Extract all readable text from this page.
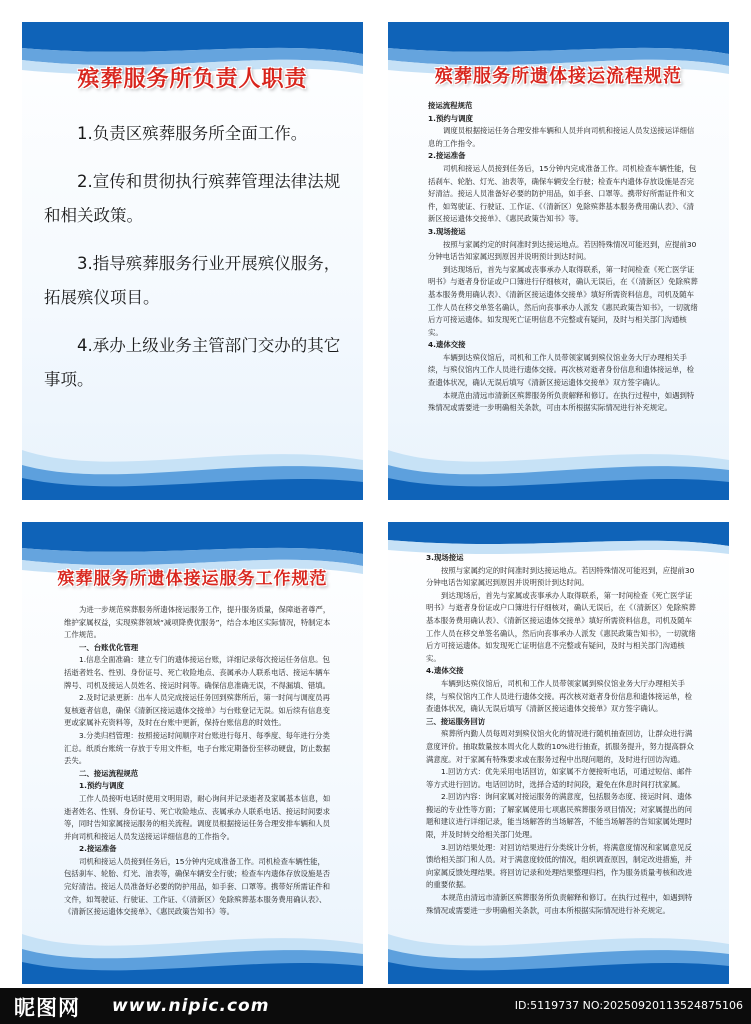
殡葬服务所负责人职责

1.负责区殡葬服务所全面工作。

2.宣传和贯彻执行殡葬管理法律法规和相关政策。

3.指导殡葬服务行业开展殡仪服务，拓展殡仪项目。

4.承办上级业务主管部门交办的其它事项。

殡葬服务所遗体接运流程规范

接运流程规范

1.预约与调度

调度员根据接运任务合理安排车辆和人员并向司机和接运人员发送接运详细信息的工作指令。

2.接运准备

司机和接运人员接到任务后，15分钟内完成准备工作。司机检查车辆性能，包括刹车、轮胎、灯光、油表等，确保车辆安全行驶；检查车内遗体存放设施是否完好清洁。接运人员准备好必要的防护用品，如手套、口罩等。携带好所需证件和文件，如驾驶证、行驶证、工作证、《（清新区）免除殡葬基本服务费用确认表》、《清新区接运遗体交接单》、《惠民政策告知书》等。

3.现场接运

按照与家属约定的时间准时到达接运地点。若因特殊情况可能迟到，应提前30分钟电话告知家属迟到原因并说明预计到达时间。

到达现场后，首先与家属或丧事承办人取得联系，第一时间检查《死亡医学证明书》与逝者身份证或户口簿进行仔细核对，确认无误后，在《（清新区）免除殡葬基本服务费用确认表》、《清新区接运遗体交接单》填好所需资料信息，司机及随车工作人员在移交单签名确认，然后向丧事承办人派发《惠民政策告知书》，一切就绪后方可接运遗体。如发现死亡证明信息不完整或有疑问，及时与相关部门沟通核实。

4.遗体交接

车辆到达殡仪馆后，司机和工作人员带领家属到殡仪馆业务大厅办理相关手续，与殡仪馆内工作人员进行遗体交接。再次核对逝者身份信息和遗体接运单，检查遗体状况，确认无误后填写《清新区接运遗体交接单》双方签字确认。

本规范由清远市清新区殡葬服务所负责解释和修订。在执行过程中，如遇到特殊情况或需要进一步明确相关条款，可由本所根据实际情况进行补充规定。

殡葬服务所遗体接运服务工作规范

为进一步规范殡葬服务所遗体接运服务工作，提升服务质量，保障逝者尊严，维护家属权益，实现殡葬领域“减项降费优服务”，结合本地区实际情况，特制定本工作规范。

一、台账优化管理

1.信息全面准确：建立专门的遗体接运台账，详细记录每次接运任务信息。包括逝者姓名、性别、身份证号、死亡收险地点、丧属承办人联系电话、接运车辆车牌号、司机及接运人员姓名、接运时间等。确保信息准确无误，不得漏填、错填。

2.及时记录更新：出车人员完成接运任务回到殡葬所后，第一时间与调度员再复核逝者信息，确保《清新区接运遗体交接单》与台账登记无误。如后续有信息变更或家属补充资料等，及时在台账中更新，保持台账信息的时效性。

3.分类归档管理：按照接运时间顺序对台账进行每月、每季度、每年进行分类汇总。纸质台账统一存放于专用文件柜，电子台账定期备份至移动硬盘，防止数据丢失。

二、接运流程规范

1.预约与调度

工作人员接听电话时使用文明用语，耐心询问并记录逝者及家属基本信息，如逝者姓名、性别、身份证号、死亡收险地点、丧属承办人联系电话、接运时间要求等，同时告知家属接运服务的相关流程。调度员根据接运任务合理安排车辆和人员并向司机和接运人员发送接运详细信息的工作指令。

2.接运准备

司机和接运人员接到任务后，15分钟内完成准备工作。司机检查车辆性能，包括刹车、轮胎、灯光、油表等，确保车辆安全行驶；检查车内遗体存放设施是否完好清洁。接运人员准备好必要的防护用品，如手套、口罩等。携带好所需证件和文件，如驾驶证、行驶证、工作证、《（清新区）免除殡葬基本服务费用确认表》、《清新区接运遗体交接单》、《惠民政策告知书》等。

3.现场接运

按照与家属约定的时间准时到达接运地点。若因特殊情况可能迟到，应提前30分钟电话告知家属迟到原因并说明预计到达时间。

到达现场后，首先与家属或丧事承办人取得联系，第一时间检查《死亡医学证明书》与逝者身份证或户口簿进行仔细核对，确认无误后，在《（清新区）免除殡葬基本服务费用确认表》、《清新区接运遗体交接单》填好所需资料信息，司机及随车工作人员在移交单签名确认，然后向丧事承办人派发《惠民政策告知书》，一切就绪后方可接运遗体。如发现死亡证明信息不完整或有疑问，及时与相关部门沟通核实。

4.遗体交接

车辆到达殡仪馆后，司机和工作人员带领家属到殡仪馆业务大厅办理相关手续，与殡仪馆内工作人员进行遗体交接。再次核对逝者身份信息和遗体接运单，检查遗体状况，确认无误后填写《清新区接运遗体交接单》双方签字确认。

三、接运服务回访

殡葬所内勤人员每周对到殡仪馆火化的情况进行随机抽查回访，让群众进行满意度评价。抽取数量按本周火化人数的10%进行抽查，抓服务提升，努力提高群众满意度。对于家属有特殊要求或在服务过程中出现问题的，及时进行回访沟通。

1.回访方式：优先采用电话回访，如家属不方便接听电话，可通过短信、邮件等方式进行回访。电话回访时，选择合适的时间段，避免在休息时间打扰家属。

2.回访内容：询问家属对接运服务的满意度，包括服务态度、接运时间、遗体搬运的专业性等方面；了解家属使用七项惠民殡葬服务项目情况；对家属提出的问题和建议进行详细记录，能当场解答的当场解答，不能当场解答的告知家属处理时限，并及时转交给相关部门处理。

3.回访结果处理：对回访结果进行分类统计分析，将满意度情况和家属意见反馈给相关部门和人员。对于满意度较低的情况，组织调查原因，制定改进措施，并向家属反馈处理结果。将回访记录和处理结果整理归档，作为服务质量考核和改进的重要依据。

本规范由清远市清新区殡葬服务所负责解释和修订。在执行过程中，如遇到特殊情况或需要进一步明确相关条款，可由本所根据实际情况进行补充规定。

昵图网 www.nipic.com	ID:5119737 NO:20250920113524875106
